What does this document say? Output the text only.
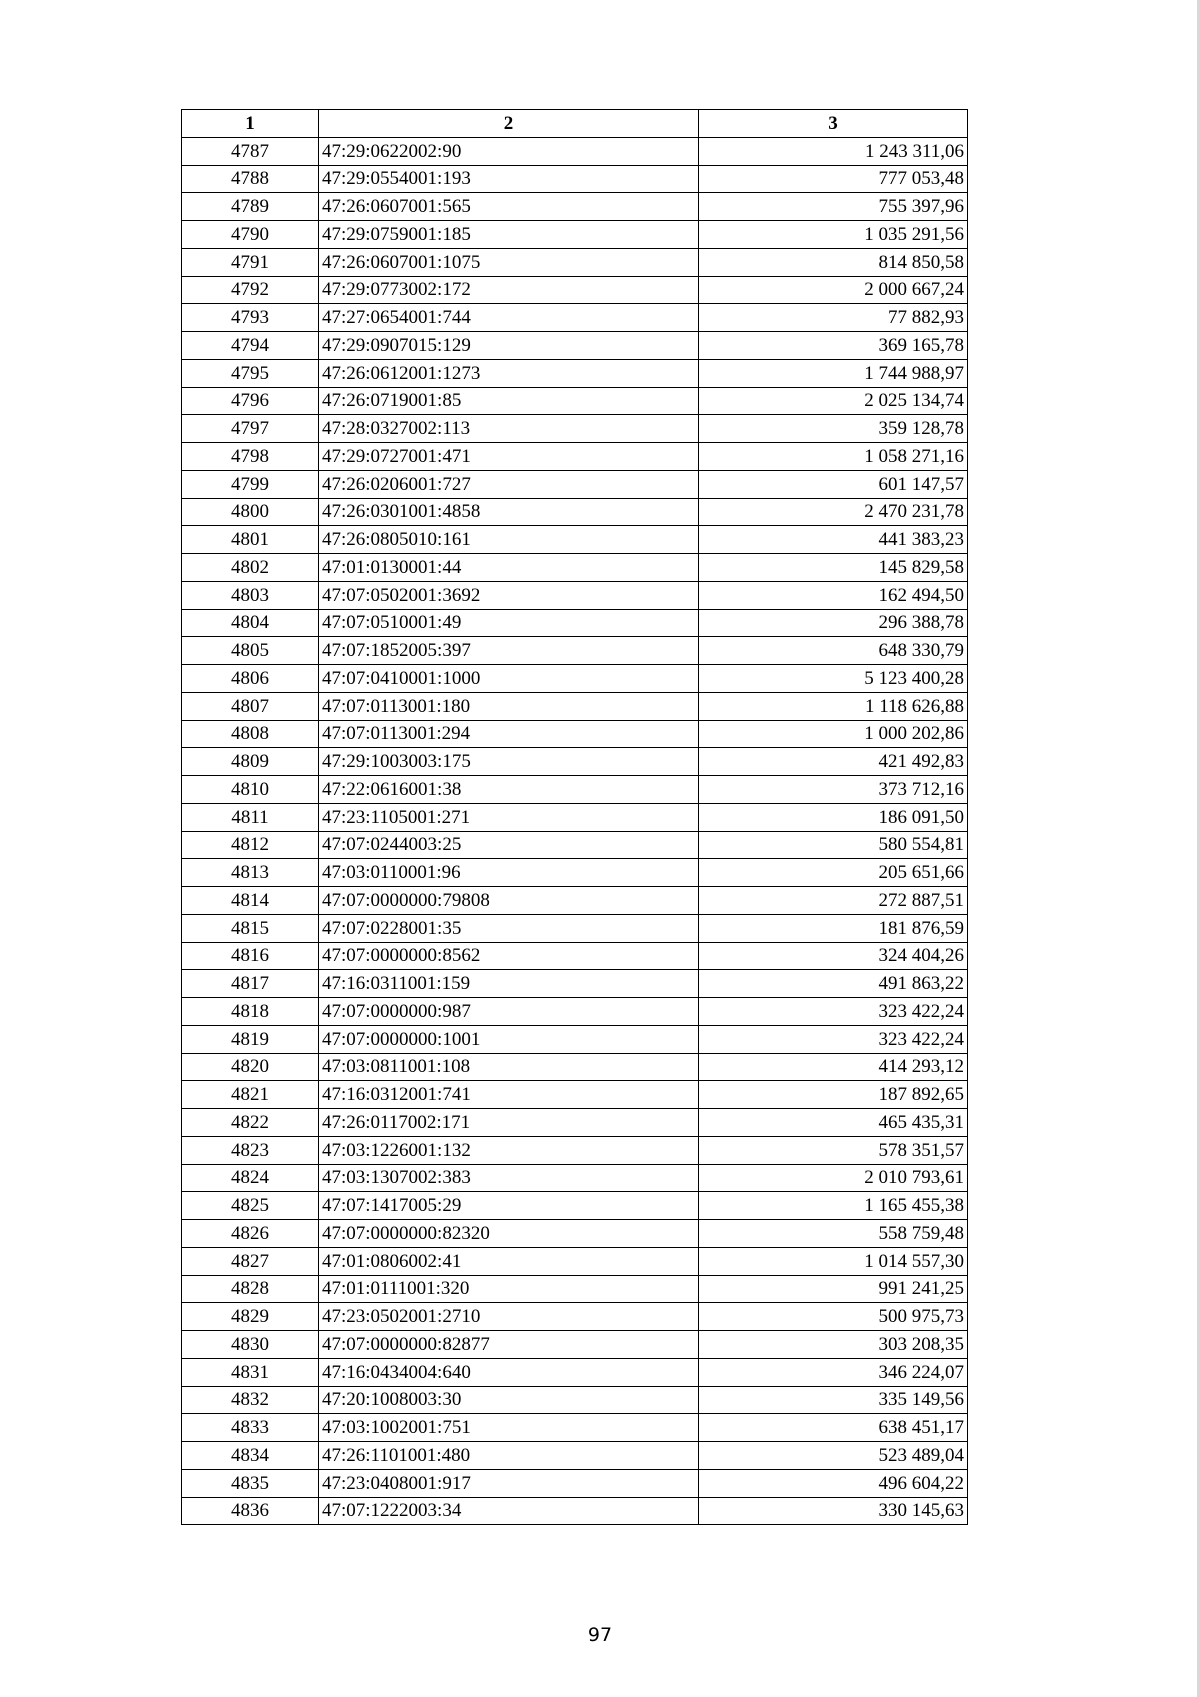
1	2	3
4787	47:29:0622002:90	1 243 311,06
4788	47:29:0554001:193	777 053,48
4789	47:26:0607001:565	755 397,96
4790	47:29:0759001:185	1 035 291,56
4791	47:26:0607001:1075	814 850,58
4792	47:29:0773002:172	2 000 667,24
4793	47:27:0654001:744	77 882,93
4794	47:29:0907015:129	369 165,78
4795	47:26:0612001:1273	1 744 988,97
4796	47:26:0719001:85	2 025 134,74
4797	47:28:0327002:113	359 128,78
4798	47:29:0727001:471	1 058 271,16
4799	47:26:0206001:727	601 147,57
4800	47:26:0301001:4858	2 470 231,78
4801	47:26:0805010:161	441 383,23
4802	47:01:0130001:44	145 829,58
4803	47:07:0502001:3692	162 494,50
4804	47:07:0510001:49	296 388,78
4805	47:07:1852005:397	648 330,79
4806	47:07:0410001:1000	5 123 400,28
4807	47:07:0113001:180	1 118 626,88
4808	47:07:0113001:294	1 000 202,86
4809	47:29:1003003:175	421 492,83
4810	47:22:0616001:38	373 712,16
4811	47:23:1105001:271	186 091,50
4812	47:07:0244003:25	580 554,81
4813	47:03:0110001:96	205 651,66
4814	47:07:0000000:79808	272 887,51
4815	47:07:0228001:35	181 876,59
4816	47:07:0000000:8562	324 404,26
4817	47:16:0311001:159	491 863,22
4818	47:07:0000000:987	323 422,24
4819	47:07:0000000:1001	323 422,24
4820	47:03:0811001:108	414 293,12
4821	47:16:0312001:741	187 892,65
4822	47:26:0117002:171	465 435,31
4823	47:03:1226001:132	578 351,57
4824	47:03:1307002:383	2 010 793,61
4825	47:07:1417005:29	1 165 455,38
4826	47:07:0000000:82320	558 759,48
4827	47:01:0806002:41	1 014 557,30
4828	47:01:0111001:320	991 241,25
4829	47:23:0502001:2710	500 975,73
4830	47:07:0000000:82877	303 208,35
4831	47:16:0434004:640	346 224,07
4832	47:20:1008003:30	335 149,56
4833	47:03:1002001:751	638 451,17
4834	47:26:1101001:480	523 489,04
4835	47:23:0408001:917	496 604,22
4836	47:07:1222003:34	330 145,63
97
